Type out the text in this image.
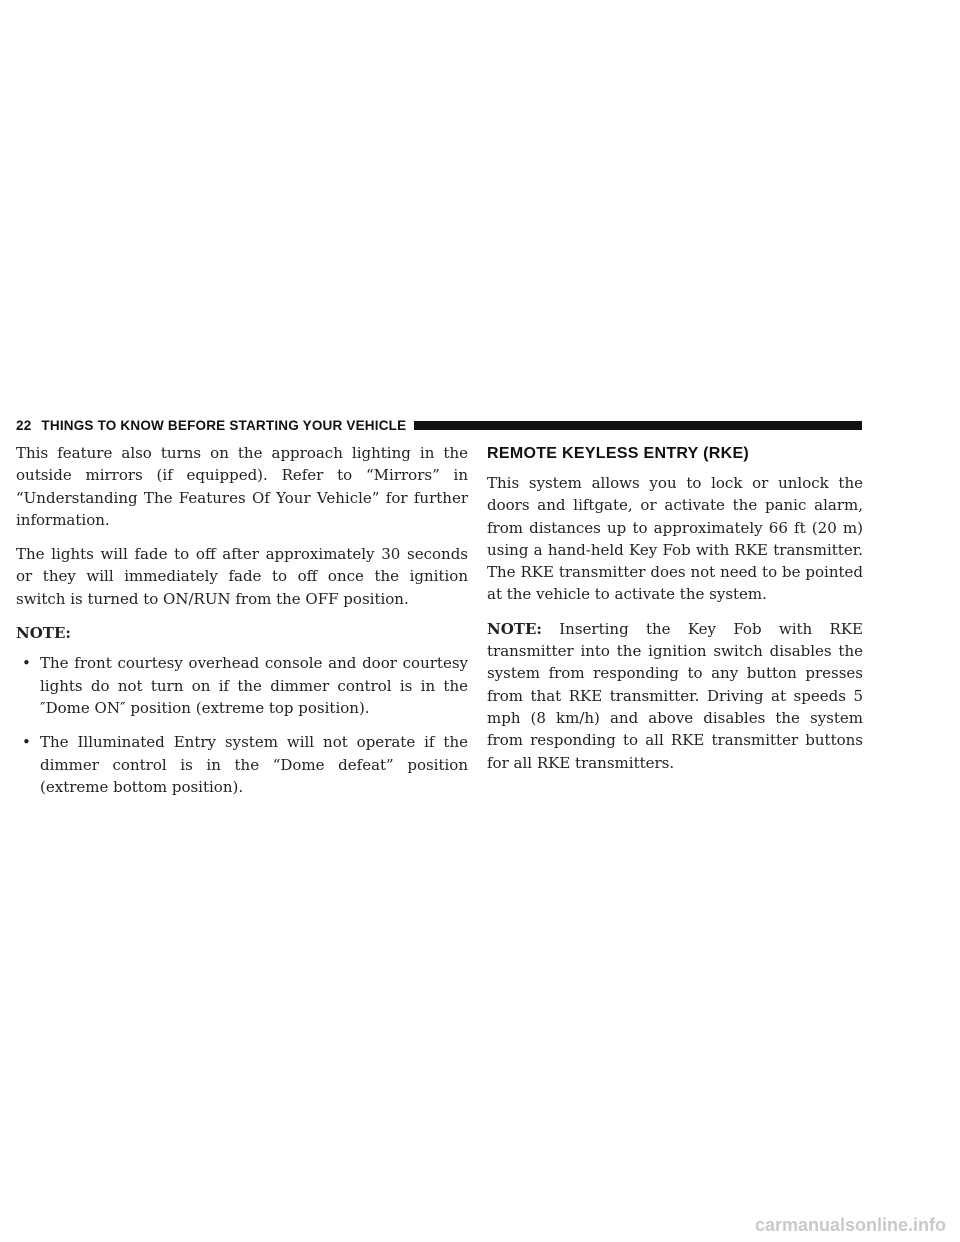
22 THINGS TO KNOW BEFORE STARTING YOUR VEHICLE

This feature also turns on the approach lighting in the outside mirrors (if equipped). Refer to “Mirrors” in “Understanding The Features Of Your Vehicle” for further information.

The lights will fade to off after approximately 30 seconds or they will immediately fade to off once the ignition switch is turned to ON/RUN from the OFF position.

NOTE:

• The front courtesy overhead console and door courtesy lights do not turn on if the dimmer control is in the ″Dome ON″ position (extreme top position).
• The Illuminated Entry system will not operate if the dimmer control is in the “Dome defeat” position (extreme bottom position).
REMOTE KEYLESS ENTRY (RKE)

This system allows you to lock or unlock the doors and liftgate, or activate the panic alarm, from distances up to approximately 66 ft (20 m) using a hand-held Key Fob with RKE transmitter. The RKE transmitter does not need to be pointed at the vehicle to activate the system.

NOTE: Inserting the Key Fob with RKE transmitter into the ignition switch disables the system from responding to any button presses from that RKE transmitter. Driving at speeds 5 mph (8 km/h) and above disables the system from responding to all RKE transmitter buttons for all RKE transmitters.

carmanualsonline.info
